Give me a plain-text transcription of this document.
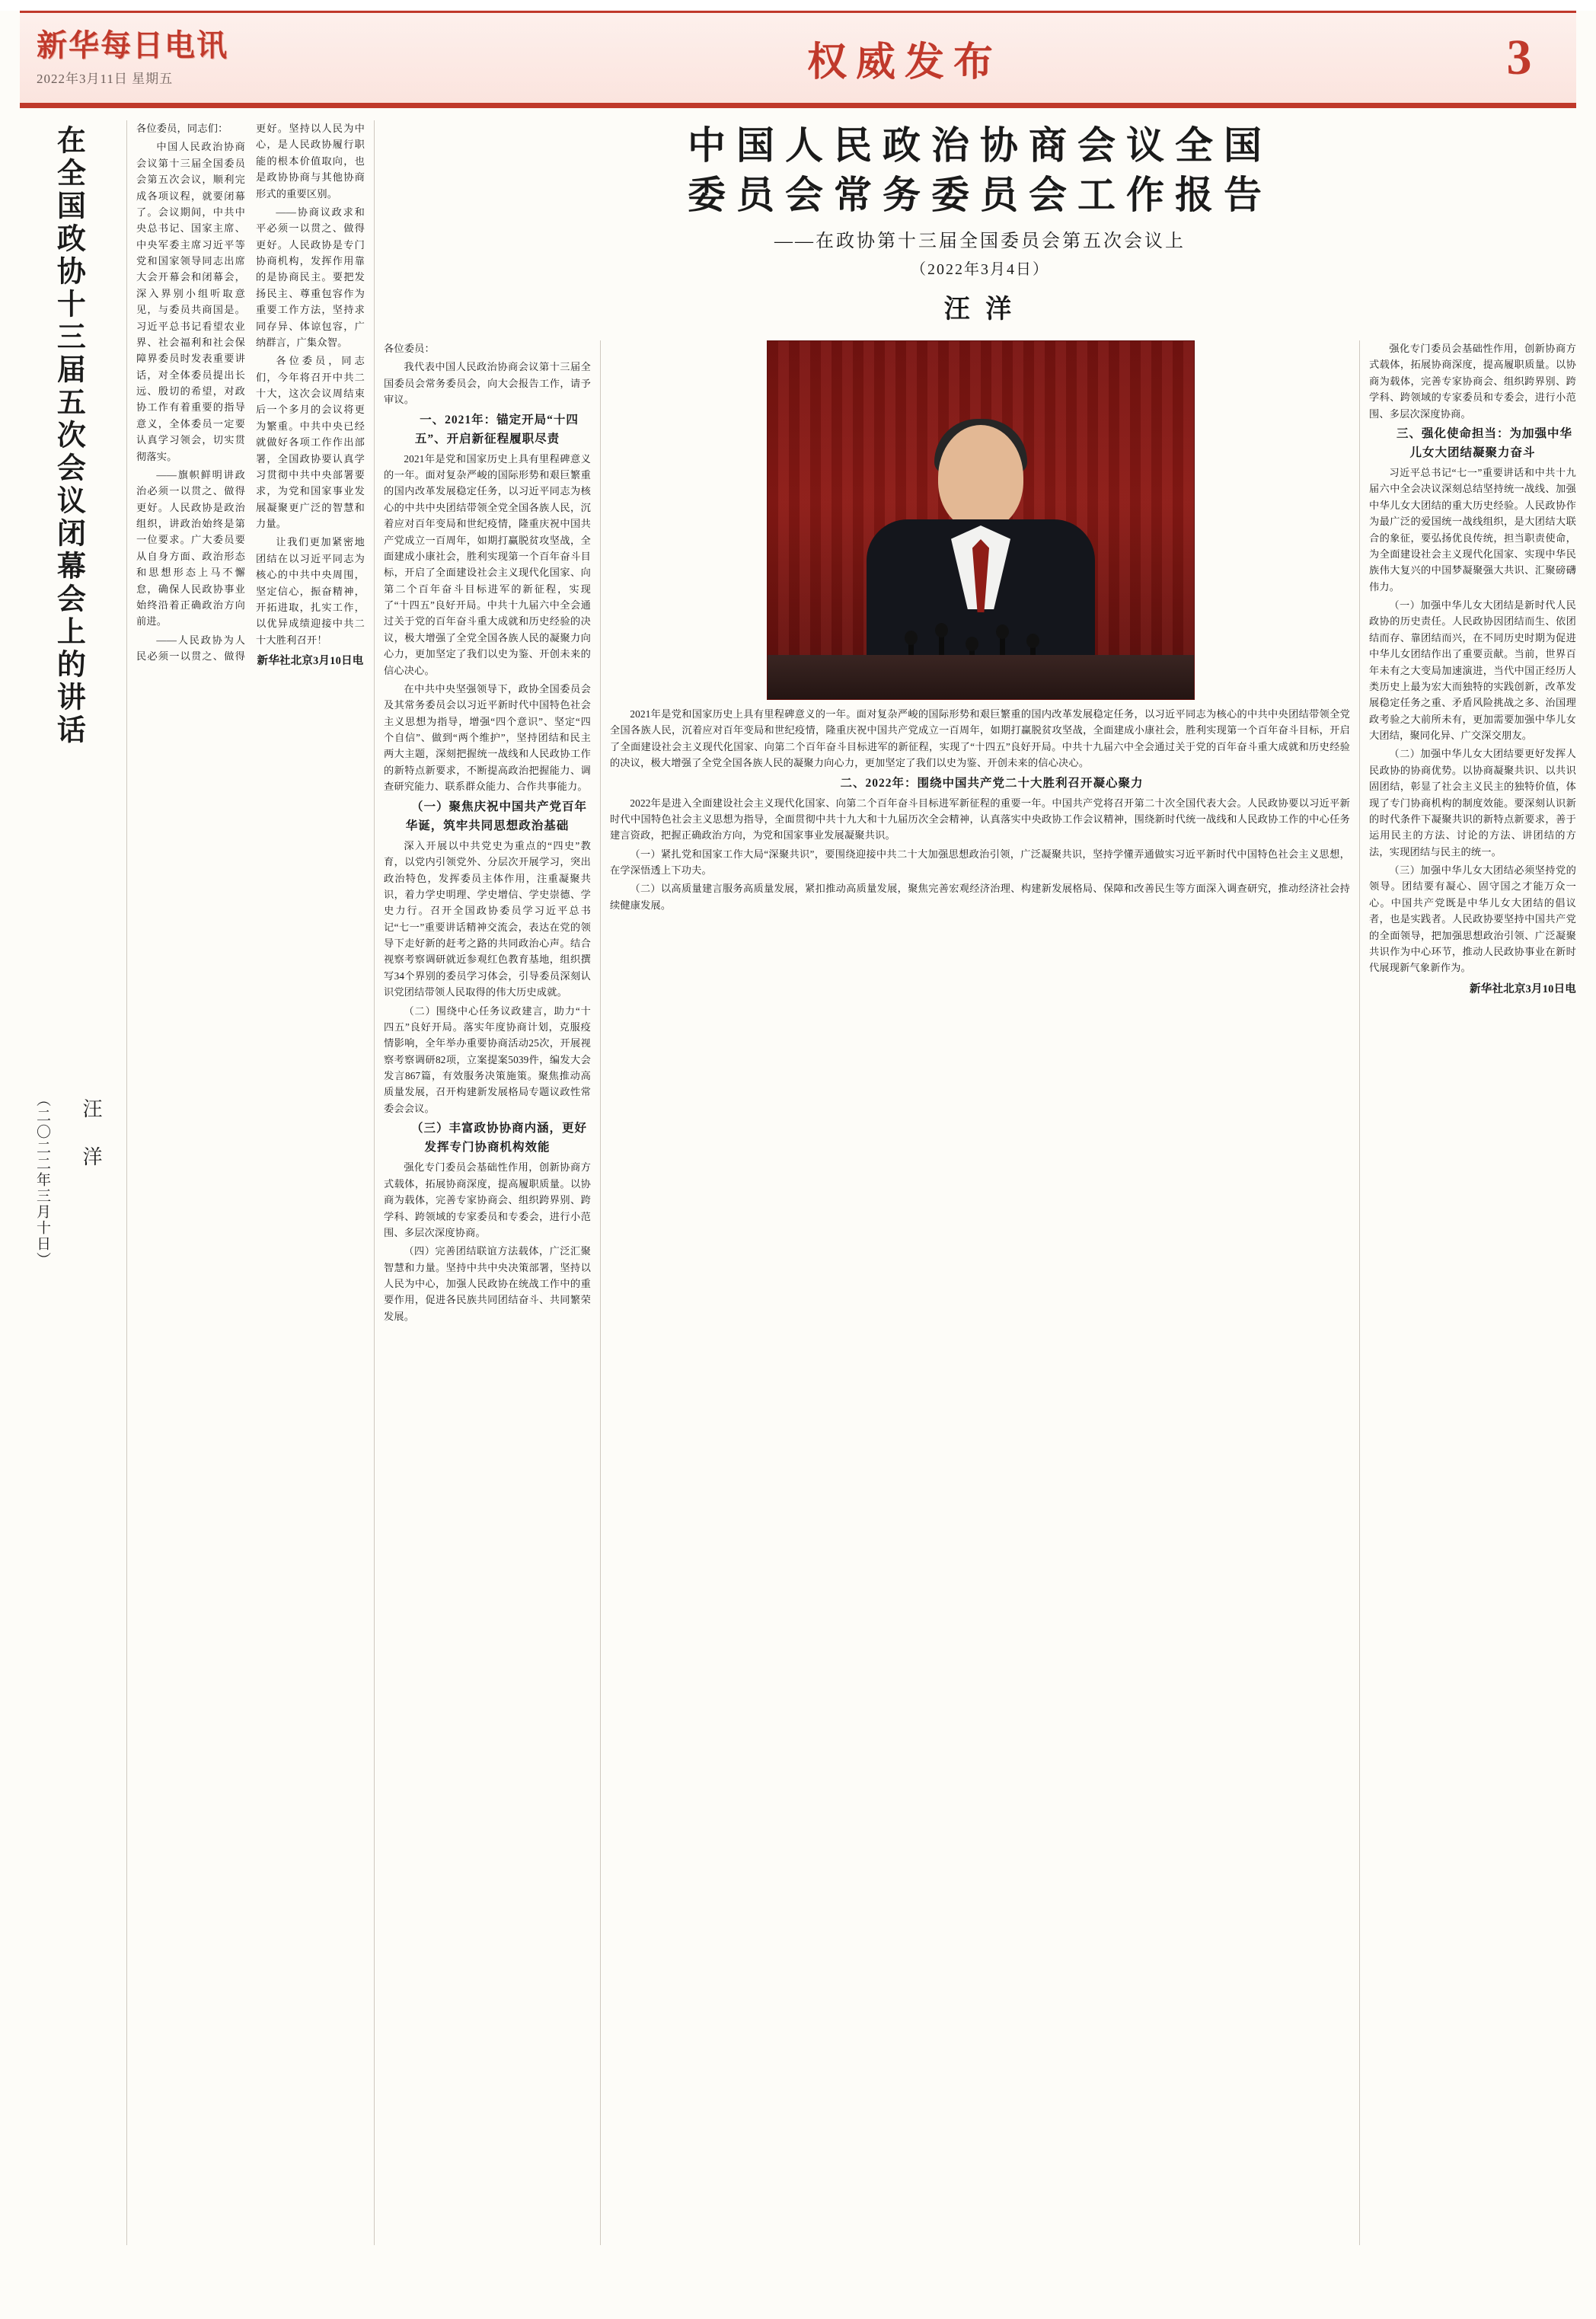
新华每日电讯
2022年3月11日 星期五	权威发布	3
在全国政协十三届五次会议闭幕会上的讲话
汪 洋
（二〇二二年三月十日）

各位委员，同志们：

中国人民政治协商会议第十三届全国委员会第五次会议，顺利完成各项议程，就要闭幕了。会议期间，中共中央总书记、国家主席、中央军委主席习近平等党和国家领导同志出席大会开幕会和闭幕会，深入界别小组听取意见，与委员共商国是。习近平总书记看望农业界、社会福利和社会保障界委员时发表重要讲话，对全体委员提出长远、殷切的希望，对政协工作有着重要的指导意义，全体委员一定要认真学习领会，切实贯彻落实。

——旗帜鲜明讲政治必须一以贯之、做得更好。人民政协是政治组织，讲政治始终是第一位要求。广大委员要从自身方面、政治形态和思想形态上马不懈怠，确保人民政协事业始终沿着正确政治方向前进。

——人民政协为人民必须一以贯之、做得更好。坚持以人民为中心，是人民政协履行职能的根本价值取向，也是政协协商与其他协商形式的重要区别。

——协商议政求和平必须一以贯之、做得更好。人民政协是专门协商机构，发挥作用靠的是协商民主。要把发扬民主、尊重包容作为重要工作方法，坚持求同存异、体谅包容，广纳群言，广集众智。

各位委员，同志们，今年将召开中共二十大，这次会议周结束后一个多月的会议将更为繁重。中共中央已经就做好各项工作作出部署，全国政协要认真学习贯彻中共中央部署要求，为党和国家事业发展凝聚更广泛的智慧和力量。

让我们更加紧密地团结在以习近平同志为核心的中共中央周围，坚定信心，振奋精神，开拓进取，扎实工作，以优异成绩迎接中共二十大胜利召开！

新华社北京3月10日电
中国人民政治协商会议全国
委员会常务委员会工作报告
——在政协第十三届全国委员会第五次会议上
（2022年3月4日）
汪 洋

各位委员：

我代表中国人民政治协商会议第十三届全国委员会常务委员会，向大会报告工作，请予审议。

一、2021年：锚定开局“十四五”、开启新征程履职尽责

2021年是党和国家历史上具有里程碑意义的一年。面对复杂严峻的国际形势和艰巨繁重的国内改革发展稳定任务，以习近平同志为核心的中共中央团结带领全党全国各族人民，沉着应对百年变局和世纪疫情，隆重庆祝中国共产党成立一百周年，如期打赢脱贫攻坚战，全面建成小康社会，胜利实现第一个百年奋斗目标，开启了全面建设社会主义现代化国家、向第二个百年奋斗目标进军的新征程，实现了“十四五”良好开局。中共十九届六中全会通过关于党的百年奋斗重大成就和历史经验的决议，极大增强了全党全国各族人民的凝聚力向心力，更加坚定了我们以史为鉴、开创未来的信心决心。

在中共中央坚强领导下，政协全国委员会及其常务委员会以习近平新时代中国特色社会主义思想为指导，增强“四个意识”、坚定“四个自信”、做到“两个维护”，坚持团结和民主两大主题，深刻把握统一战线和人民政协工作的新特点新要求，不断提高政治把握能力、调查研究能力、联系群众能力、合作共事能力。

（一）聚焦庆祝中国共产党百年华诞，筑牢共同思想政治基础

深入开展以中共党史为重点的“四史”教育，以党内引领党外、分层次开展学习，突出政治特色，发挥委员主体作用，注重凝聚共识，着力学史明理、学史增信、学史崇德、学史力行。召开全国政协委员学习近平总书记“七一”重要讲话精神交流会，表达在党的领导下走好新的赶考之路的共同政治心声。结合视察考察调研就近参观红色教育基地，组织撰写34个界别的委员学习体会，引导委员深刻认识党团结带领人民取得的伟大历史成就。

（二）围绕中心任务议政建言，助力“十四五”良好开局。落实年度协商计划，克服疫情影响，全年举办重要协商活动25次，开展视察考察调研82项，立案提案5039件，编发大会发言867篇，有效服务决策施策。聚焦推动高质量发展，召开构建新发展格局专题议政性常委会会议。

（三）丰富政协协商内涵，更好发挥专门协商机构效能

强化专门委员会基础性作用，创新协商方式载体，拓展协商深度，提高履职质量。以协商为载体，完善专家协商会、组织跨界别、跨学科、跨领域的专家委员和专委会，进行小范围、多层次深度协商。

（四）完善团结联谊方法载体，广泛汇聚智慧和力量。坚持中共中央决策部署，坚持以人民为中心，加强人民政协在统战工作中的重要作用，促进各民族共同团结奋斗、共同繁荣发展。

2021年是党和国家历史上具有里程碑意义的一年。面对复杂严峻的国际形势和艰巨繁重的国内改革发展稳定任务，以习近平同志为核心的中共中央团结带领全党全国各族人民，沉着应对百年变局和世纪疫情，隆重庆祝中国共产党成立一百周年，如期打赢脱贫攻坚战，全面建成小康社会，胜利实现第一个百年奋斗目标，开启了全面建设社会主义现代化国家、向第二个百年奋斗目标进军的新征程，实现了“十四五”良好开局。中共十九届六中全会通过关于党的百年奋斗重大成就和历史经验的决议，极大增强了全党全国各族人民的凝聚力向心力，更加坚定了我们以史为鉴、开创未来的信心决心。

二、2022年：围绕中国共产党二十大胜利召开凝心聚力

2022年是进入全面建设社会主义现代化国家、向第二个百年奋斗目标进军新征程的重要一年。中国共产党将召开第二十次全国代表大会。人民政协要以习近平新时代中国特色社会主义思想为指导，全面贯彻中共十九大和十九届历次全会精神，认真落实中央政协工作会议精神，围绕新时代统一战线和人民政协工作的中心任务建言资政，把握正确政治方向，为党和国家事业发展凝聚共识。

（一）紧扎党和国家工作大局“深聚共识”，要围绕迎接中共二十大加强思想政治引领，广泛凝聚共识，坚持学懂弄通做实习近平新时代中国特色社会主义思想，在学深悟透上下功夫。

（二）以高质量建言服务高质量发展，紧扣推动高质量发展，聚焦完善宏观经济治理、构建新发展格局、保障和改善民生等方面深入调查研究，推动经济社会持续健康发展。

强化专门委员会基础性作用，创新协商方式载体，拓展协商深度，提高履职质量。以协商为载体，完善专家协商会、组织跨界别、跨学科、跨领域的专家委员和专委会，进行小范围、多层次深度协商。

三、强化使命担当：为加强中华儿女大团结凝聚力奋斗

习近平总书记“七一”重要讲话和中共十九届六中全会决议深刻总结坚持统一战线、加强中华儿女大团结的重大历史经验。人民政协作为最广泛的爱国统一战线组织，是大团结大联合的象征，要弘扬优良传统，担当职责使命，为全面建设社会主义现代化国家、实现中华民族伟大复兴的中国梦凝聚强大共识、汇聚磅礴伟力。

（一）加强中华儿女大团结是新时代人民政协的历史责任。人民政协因团结而生、依团结而存、靠团结而兴，在不同历史时期为促进中华儿女团结作出了重要贡献。当前，世界百年未有之大变局加速演进，当代中国正经历人类历史上最为宏大而独特的实践创新，改革发展稳定任务之重、矛盾风险挑战之多、治国理政考验之大前所未有，更加需要加强中华儿女大团结，聚同化异、广交深交朋友。

（二）加强中华儿女大团结要更好发挥人民政协的协商优势。以协商凝聚共识、以共识固团结，彰显了社会主义民主的独特价值，体现了专门协商机构的制度效能。要深刻认识新的时代条件下凝聚共识的新特点新要求，善于运用民主的方法、讨论的方法、讲团结的方法，实现团结与民主的统一。

（三）加强中华儿女大团结必须坚持党的领导。团结要有凝心、固守国之才能万众一心。中国共产党既是中华儿女大团结的倡议者，也是实践者。人民政协要坚持中国共产党的全面领导，把加强思想政治引领、广泛凝聚共识作为中心环节，推动人民政协事业在新时代展现新气象新作为。

新华社北京3月10日电
